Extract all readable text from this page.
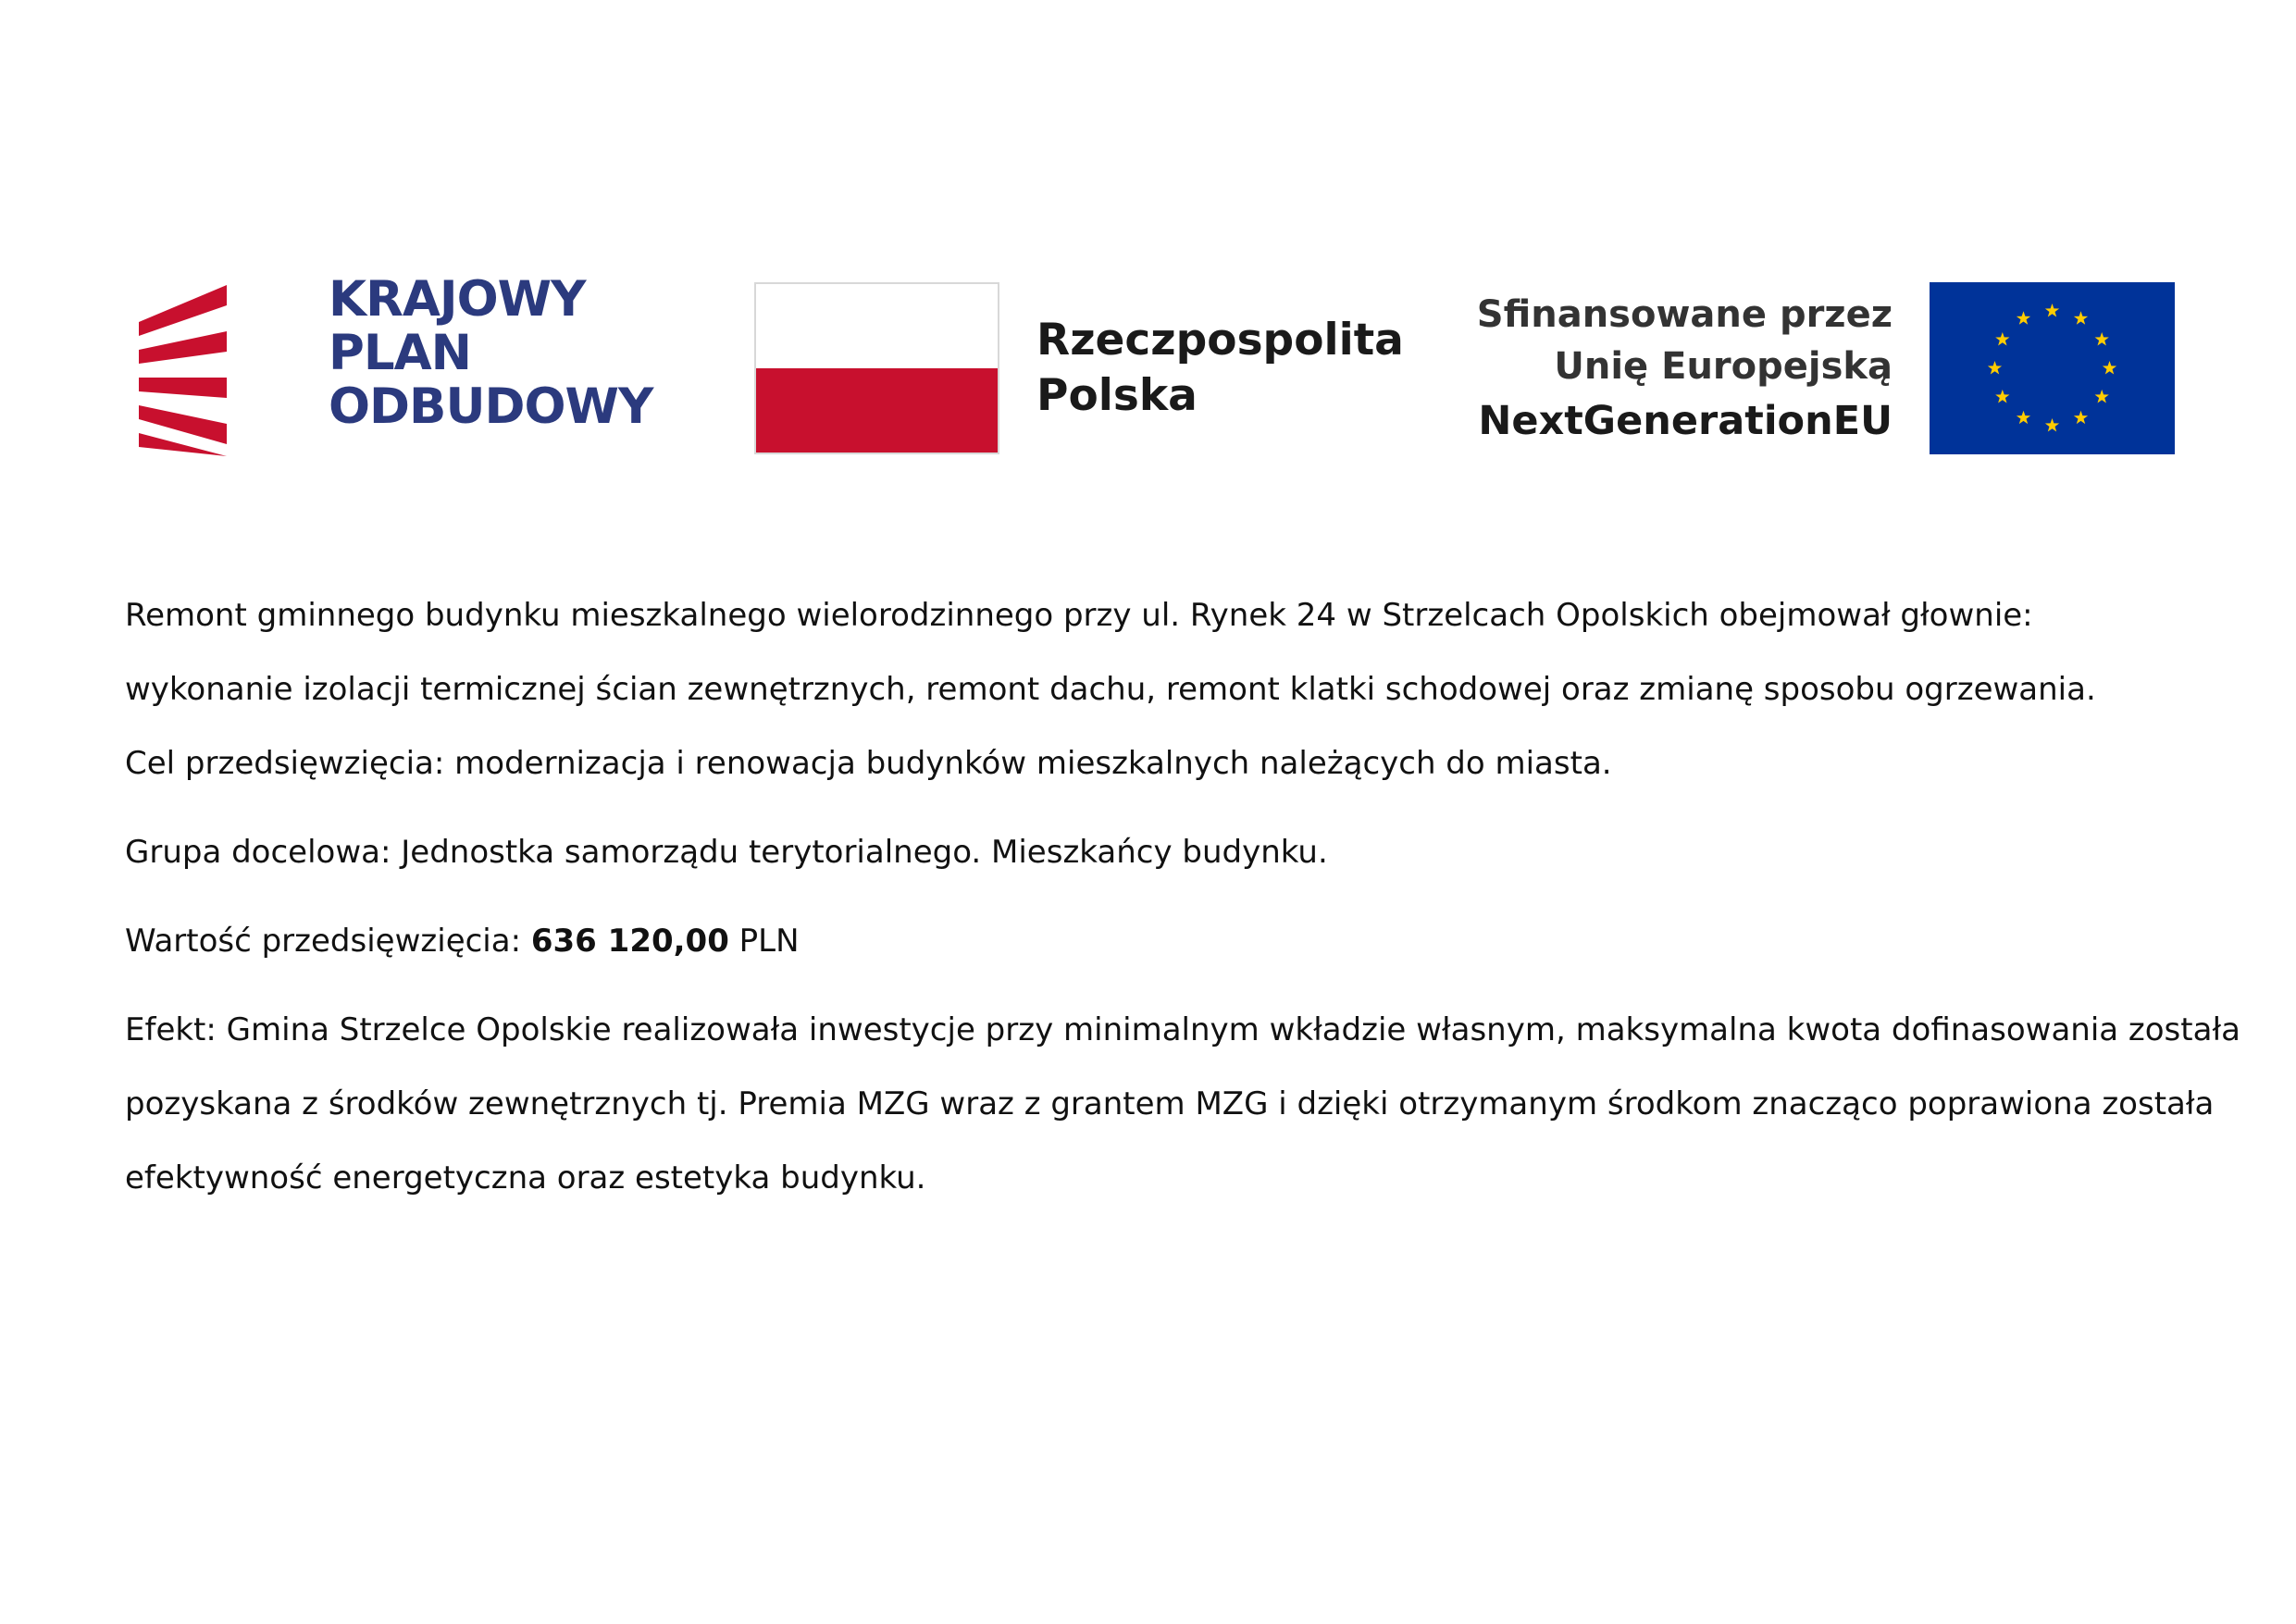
KRAJOWY
PLAN
ODBUDOWY
Rzeczpospolita
Polska
Sfinansowane przez
Unię Europejską
NextGenerationEU

Remont gminnego budynku mieszkalnego wielorodzinnego przy ul. Rynek 24 w Strzelcach Opolskich obejmował głownie:

wykonanie izolacji termicznej ścian zewnętrznych, remont dachu, remont klatki schodowej oraz zmianę sposobu ogrzewania.

Cel przedsięwzięcia: modernizacja i renowacja budynków mieszkalnych należących do miasta.

Grupa docelowa: Jednostka samorządu terytorialnego. Mieszkańcy budynku.

Wartość przedsięwzięcia: 636 120,00 PLN

Efekt: Gmina Strzelce Opolskie realizowała inwestycje przy minimalnym wkładzie własnym, maksymalna kwota dofinasowania została

pozyskana z środków zewnętrznych tj. Premia MZG wraz z grantem MZG i dzięki otrzymanym środkom znacząco poprawiona została

efektywność energetyczna oraz estetyka budynku.
